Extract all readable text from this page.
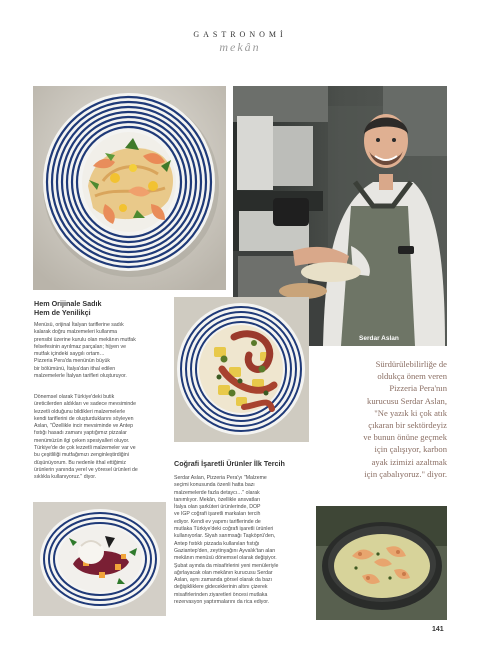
GASTRONOMİ
mekân
Serdar Aslan
Hem Orijinale Sadık
Hem de Yenilikçi

Menüsü, orijinal İtalyan tariflerine sadık

kalarak doğru malzemeleri kullanma

prensibi üzerine kurulu olan mekânın mutfak

felsefesinin ayrılmaz parçaları; hijyen ve

mutfak içindeki saygılı ortam…

Pizzeria Pera'da menünün büyük

bir bölümünü, İtalya'dan ithal edilen

malzemelerle İtalyan tarifleri oluşturuyor.

Dönemsel olarak Türkiye'deki butik

üreticilerden aldıkları ve sadece mevsiminde

lezzetli olduğunu bildikleri malzemelerle

kendi tariflerini de oluşturduklarını söyleyen

Aslan, "Özellikle incir mevsiminde ve Antep

fıstığı hasadı zamanı yaptığımız pizzalar

menümüzün ilgi çeken spesiyalleri oluyor.

Türkiye'de de çok lezzetli malzemeler var ve

bu çeşitliliği mutfağımızı zenginleştirdiğini

düşünüyorum. Bu nedenle ithal ettiğimiz

ürünlerin yanında yerel ve yöresel ürünleri de

sıklıkla kullanıyoruz." diyor.

Coğrafi İşaretli Ürünler İlk Tercih

Serdar Aslan, Pizzeria Pera'yı "Malzeme

seçimi konusunda özenli hatta bazı

malzemelerde fazla detaycı…" olarak

tanımlıyor. Mekân, özellikle ansvatları

İtalya olan şarküteri ürünlerinde, DOP

ve IGP coğrafi işaretli markaları tercih

ediyor. Kendi ev yapımı tariflerinde de

mutlaka Türkiye'deki coğrafi işaretli ürünleri

kullanıyorlar. Siyah sarımsağı Taşköprü'den,

Antep fıstıklı pizzada kullanılan fıstığı

Gaziantep'den, zeytinyağını Ayvalık'tan alan

mekânın menüsü dönemsel olarak değişiyor.

Şubat ayında da misafirlerini yeni menüleriyle

ağırlayacak olan mekânın kurucusu Serdar

Aslan, aynı zamanda görsel olarak da bazı

değişikliklere gideceklerinin altını çizerek

misafirlerinden ziyaretleri öncesi mutlaka

rezervasyon yaptırmalarını da rica ediyor.

Sürdürülebilirliğe de

oldukça önem veren

Pizzeria Pera'nın

kurucusu Serdar Aslan,

"Ne yazık ki çok atık

çıkaran bir sektördeyiz

ve bunun önüne geçmek

için çalışıyor, karbon

ayak izimizi azaltmak

için çabalıyoruz." diyor.

141
